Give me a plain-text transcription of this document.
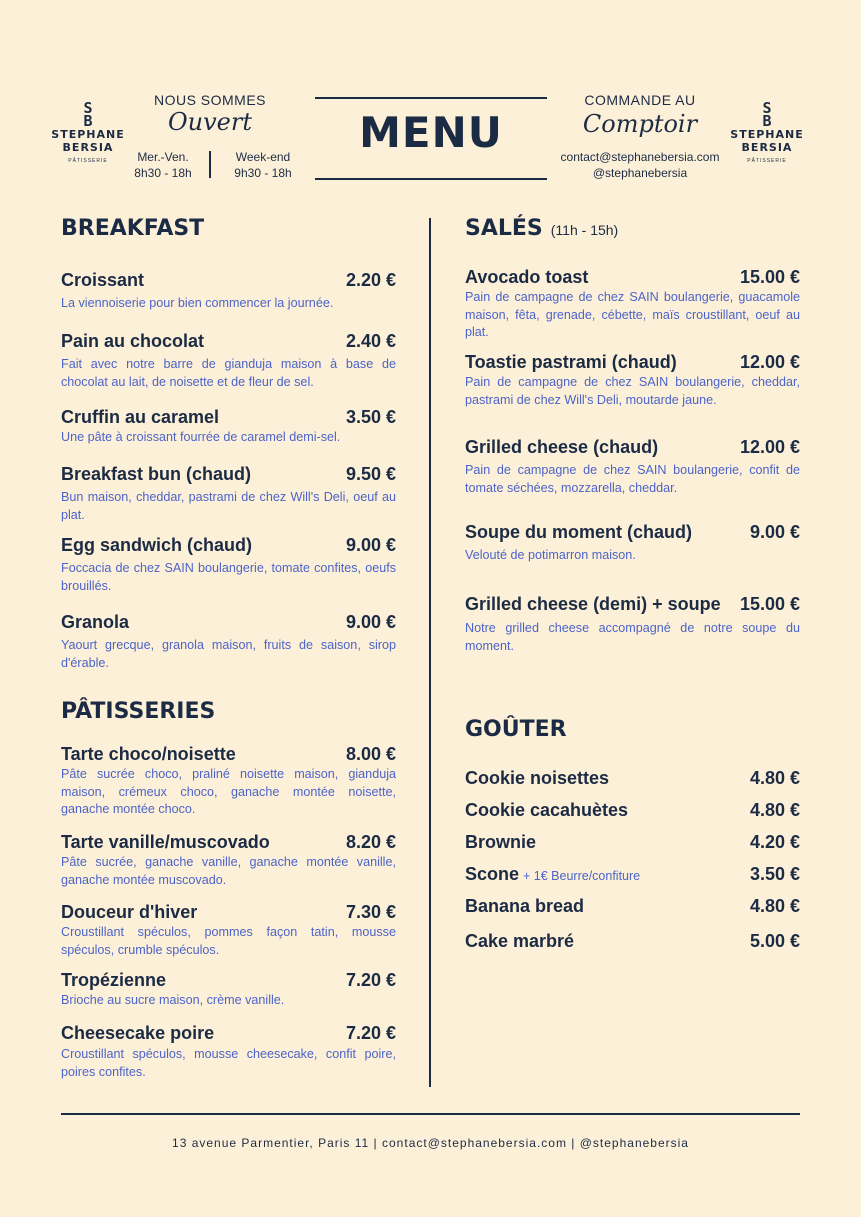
S
B
STEPHANE
BERSIA
PÂTISSERIE
S
B
STEPHANE
BERSIA
PÂTISSERIE
NOUS SOMMES
Ouvert
Mer.-Ven.
8h30 - 18h
Week-end
9h30 - 18h
MENU
COMMANDE AU
Comptoir
contact@stephanebersia.com
@stephanebersia
BREAKFAST
Croissant	2.20 €
La viennoiserie pour bien commencer la journée.
Pain au chocolat	2.40 €
Fait avec notre barre de gianduja maison à base de chocolat au lait, de noisette et de fleur de sel.
Cruffin au caramel	3.50 €
Une pâte à croissant fourrée de caramel demi-sel.
Breakfast bun (chaud)	9.50 €
Bun maison, cheddar, pastrami de chez Will's Deli, oeuf au plat.
Egg sandwich (chaud)	9.00 €
Foccacia de chez SAIN boulangerie, tomate confites, oeufs brouillés.
Granola	9.00 €
Yaourt grecque, granola maison, fruits de saison, sirop d'érable.
PÂTISSERIES
Tarte choco/noisette	8.00 €
Pâte sucrée choco, praliné noisette maison, gianduja maison, crémeux choco, ganache montée noisette, ganache montée choco.
Tarte vanille/muscovado	8.20 €
Pâte sucrée, ganache vanille, ganache montée vanille, ganache montée muscovado.
Douceur d'hiver	7.30 €
Croustillant spéculos, pommes façon tatin, mousse spéculos, crumble spéculos.
Tropézienne	7.20 €
Brioche au sucre maison, crème vanille.
Cheesecake poire	7.20 €
Croustillant spéculos, mousse cheesecake, confit poire, poires confites.
SALÉS (11h - 15h)
Avocado toast	15.00 €
Pain de campagne de chez SAIN boulangerie, guacamole maison, fêta, grenade, cébette, maïs croustillant, oeuf au plat.
Toastie pastrami (chaud)	12.00 €
Pain de campagne de chez SAIN boulangerie, cheddar, pastrami de chez Will's Deli, moutarde jaune.
Grilled cheese (chaud)	12.00 €
Pain de campagne de chez SAIN boulangerie, confit de tomate séchées, mozzarella, cheddar.
Soupe du moment (chaud)	9.00 €
Velouté de potimarron maison.
Grilled cheese (demi) + soupe 15.00 €
Notre grilled cheese accompagné de notre soupe du moment.
GOÛTER
Cookie noisettes	4.80 €
Cookie cacahuètes	4.80 €
Brownie	4.20 €
Scone + 1€ Beurre/confiture	3.50 €
Banana bread	4.80 €
Cake marbré	5.00 €
13 avenue Parmentier, Paris 11 | contact@stephanebersia.com | @stephanebersia
